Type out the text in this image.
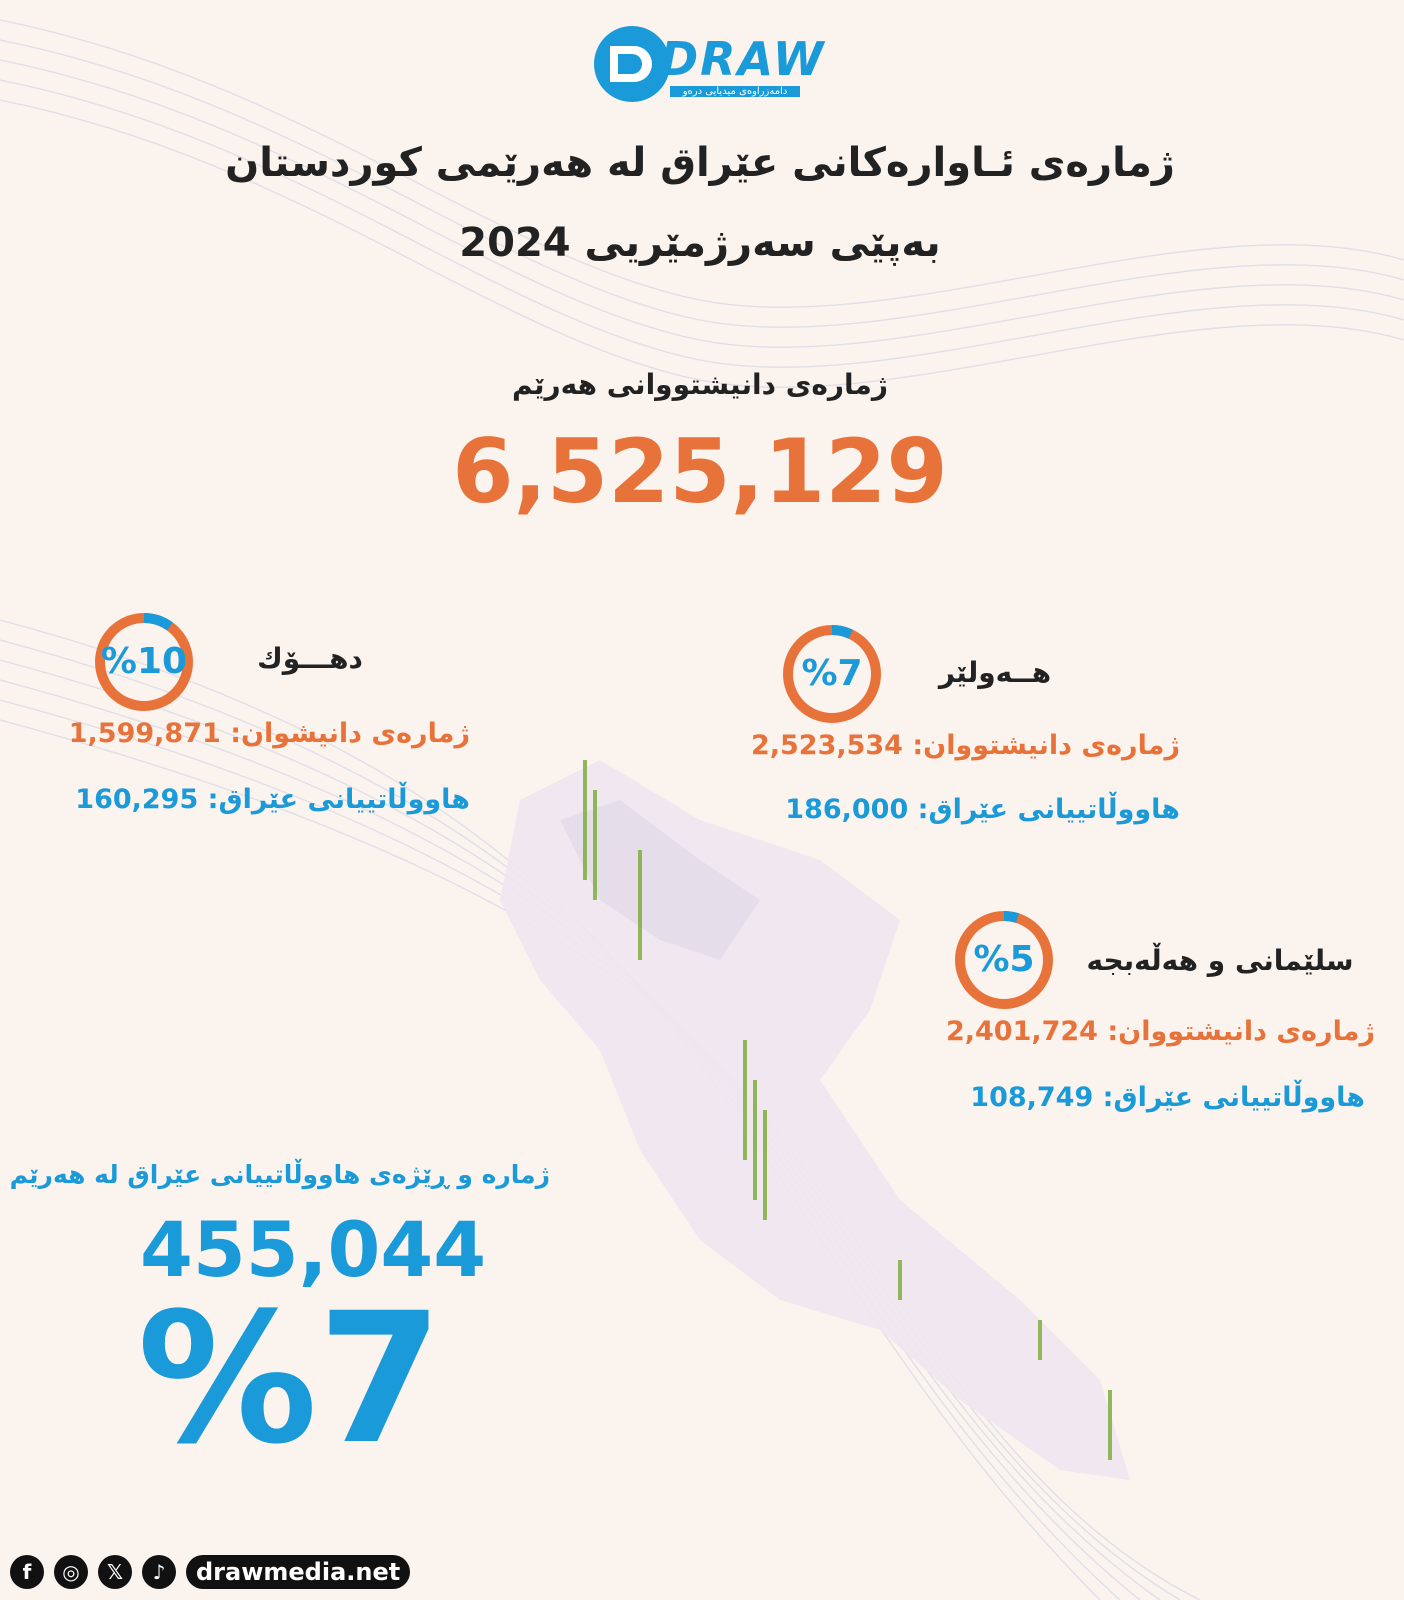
DRAW
دامەزراوەی میدیایی درەو
ژمارەی ئـاوارەکانی عێراق لە هەرێمی کوردستان
بەپێی سەرژمێریی 2024
ژمارەی دانیشتووانی هەرێم
6,525,129
%10	دهـــۆك
ژمارەی دانیشوان: 1,599,871
هاووڵاتییانی عێراق: 160,295
%7	هــەولێر
ژمارەی دانیشتووان: 2,523,534
هاووڵاتییانی عێراق: 186,000
%5	سلێمانی و هەڵەبجە
ژمارەی دانیشتووان: 2,401,724
هاووڵاتییانی عێراق: 108,749
ژمارە و ڕێژەی هاووڵاتییانی عێراق لە هەرێم
455,044
%7
f	◎	𝕏	♪	drawmedia.net
